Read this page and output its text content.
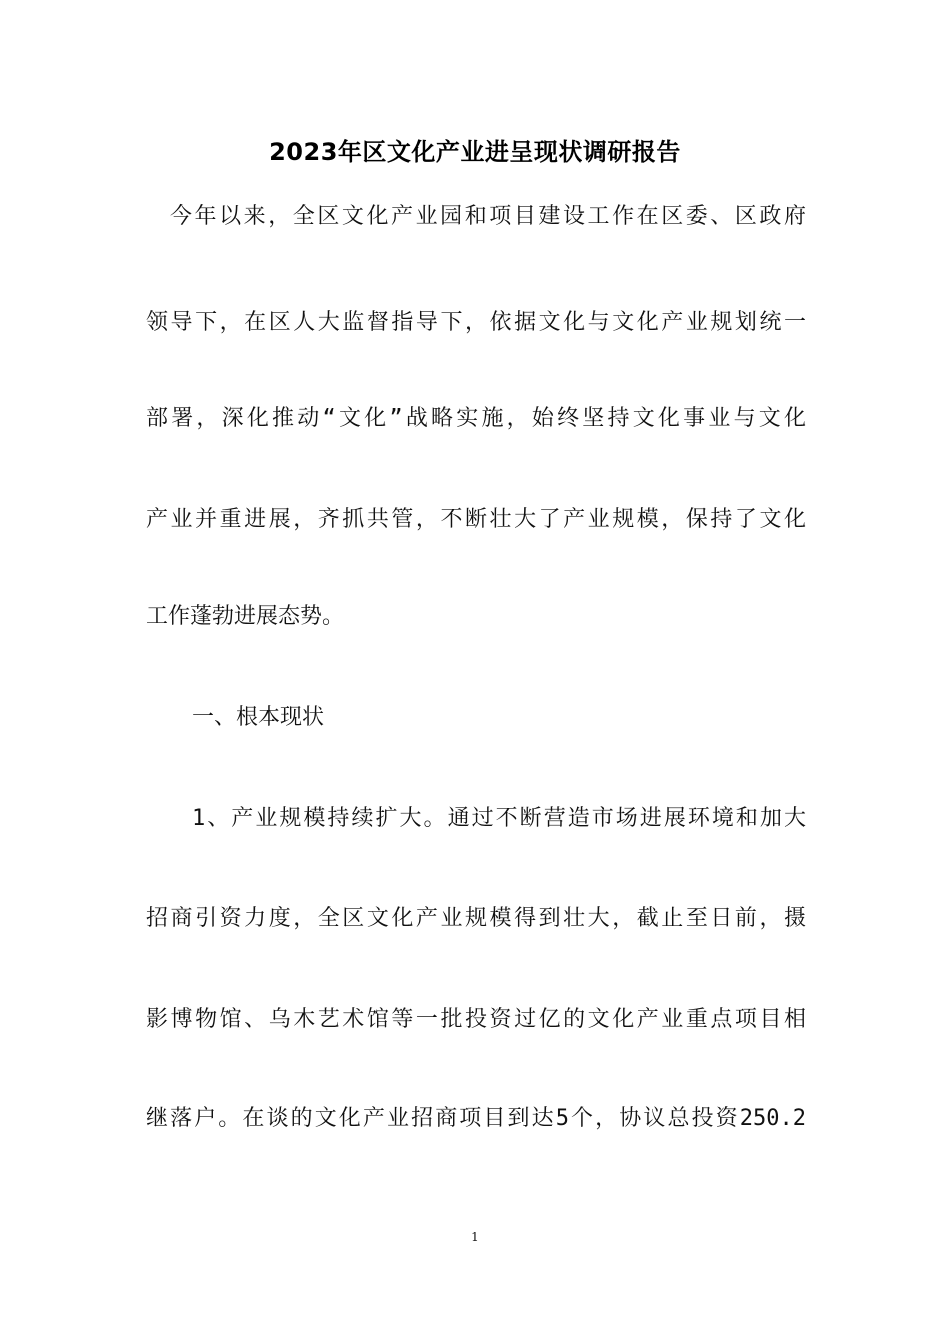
2023年区文化产业进呈现状调研报告
今年以来，全区文化产业园和项目建设工作在区委、区政府
领导下，在区人大监督指导下，依据文化与文化产业规划统一
部署，深化推动“文化”战略实施，始终坚持文化事业与文化
产业并重进展，齐抓共管，不断壮大了产业规模，保持了文化
工作蓬勃进展态势。
一、根本现状
1、产业规模持续扩大。通过不断营造市场进展环境和加大
招商引资力度，全区文化产业规模得到壮大，截止至日前，摄
影博物馆、乌木艺术馆等一批投资过亿的文化产业重点项目相
继落户。在谈的文化产业招商项目到达5个，协议总投资250.2
1
